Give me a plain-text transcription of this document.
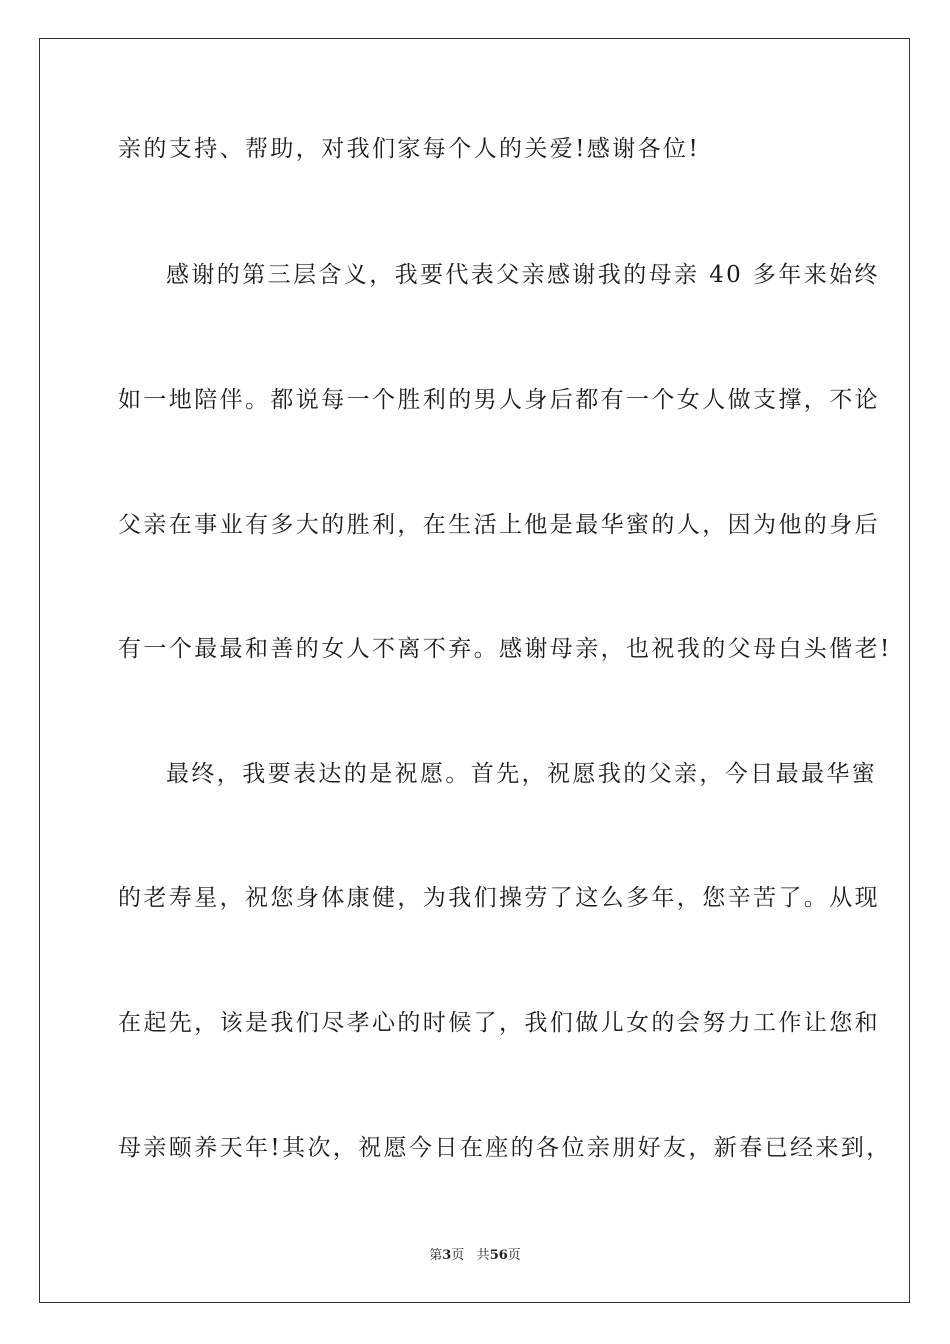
亲的支持、帮助，对我们家每个人的关爱!感谢各位!
感谢的第三层含义，我要代表父亲感谢我的母亲 40 多年来始终
如一地陪伴。都说每一个胜利的男人身后都有一个女人做支撑，不论
父亲在事业有多大的胜利，在生活上他是最华蜜的人，因为他的身后
有一个最最和善的女人不离不弃。感谢母亲，也祝我的父母白头偕老!
最终，我要表达的是祝愿。首先，祝愿我的父亲，今日最最华蜜
的老寿星，祝您身体康健，为我们操劳了这么多年，您辛苦了。从现
在起先，该是我们尽孝心的时候了，我们做儿女的会努力工作让您和
母亲颐养天年!其次，祝愿今日在座的各位亲朋好友，新春已经来到，
第3页 共56页
